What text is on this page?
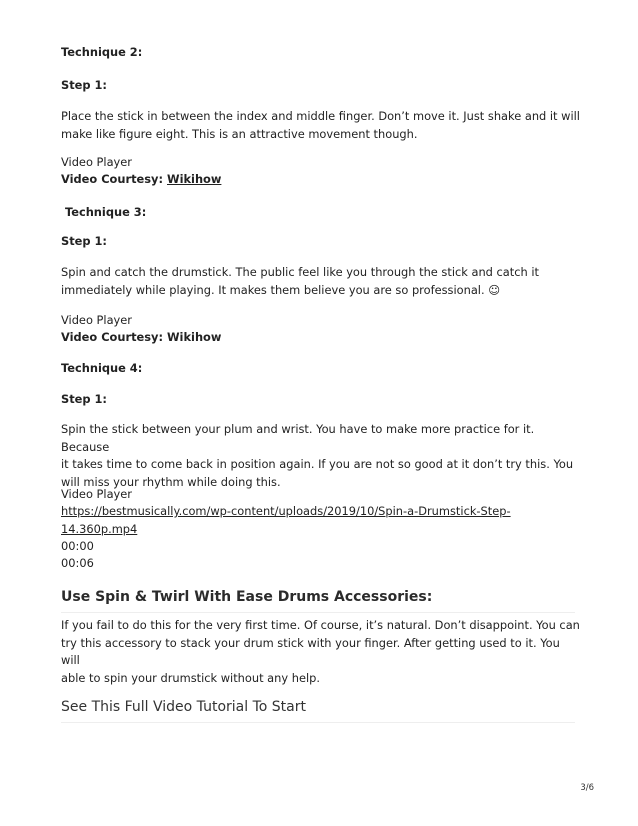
Technique 2:
Step 1:
Place the stick in between the index and middle finger. Don’t move it. Just shake and it will
make like figure eight. This is an attractive movement though.
Video Player
Video Courtesy: Wikihow
Technique 3:
Step 1:
Spin and catch the drumstick. The public feel like you through the stick and catch it
immediately while playing. It makes them believe you are so professional. ☺
Video Player
Video Courtesy: Wikihow
Technique 4:
Step 1:
Spin the stick between your plum and wrist. You have to make more practice for it. Because
it takes time to come back in position again. If you are not so good at it don’t try this. You
will miss your rhythm while doing this.
Video Player
https://bestmusically.com/wp-content/uploads/2019/10/Spin-a-Drumstick-Step-
14.360p.mp4
00:00
00:06
Use Spin & Twirl With Ease Drums Accessories:
If you fail to do this for the very first time. Of course, it’s natural. Don’t disappoint. You can
try this accessory to stack your drum stick with your finger. After getting used to it. You will
able to spin your drumstick without any help.
See This Full Video Tutorial To Start
3/6
